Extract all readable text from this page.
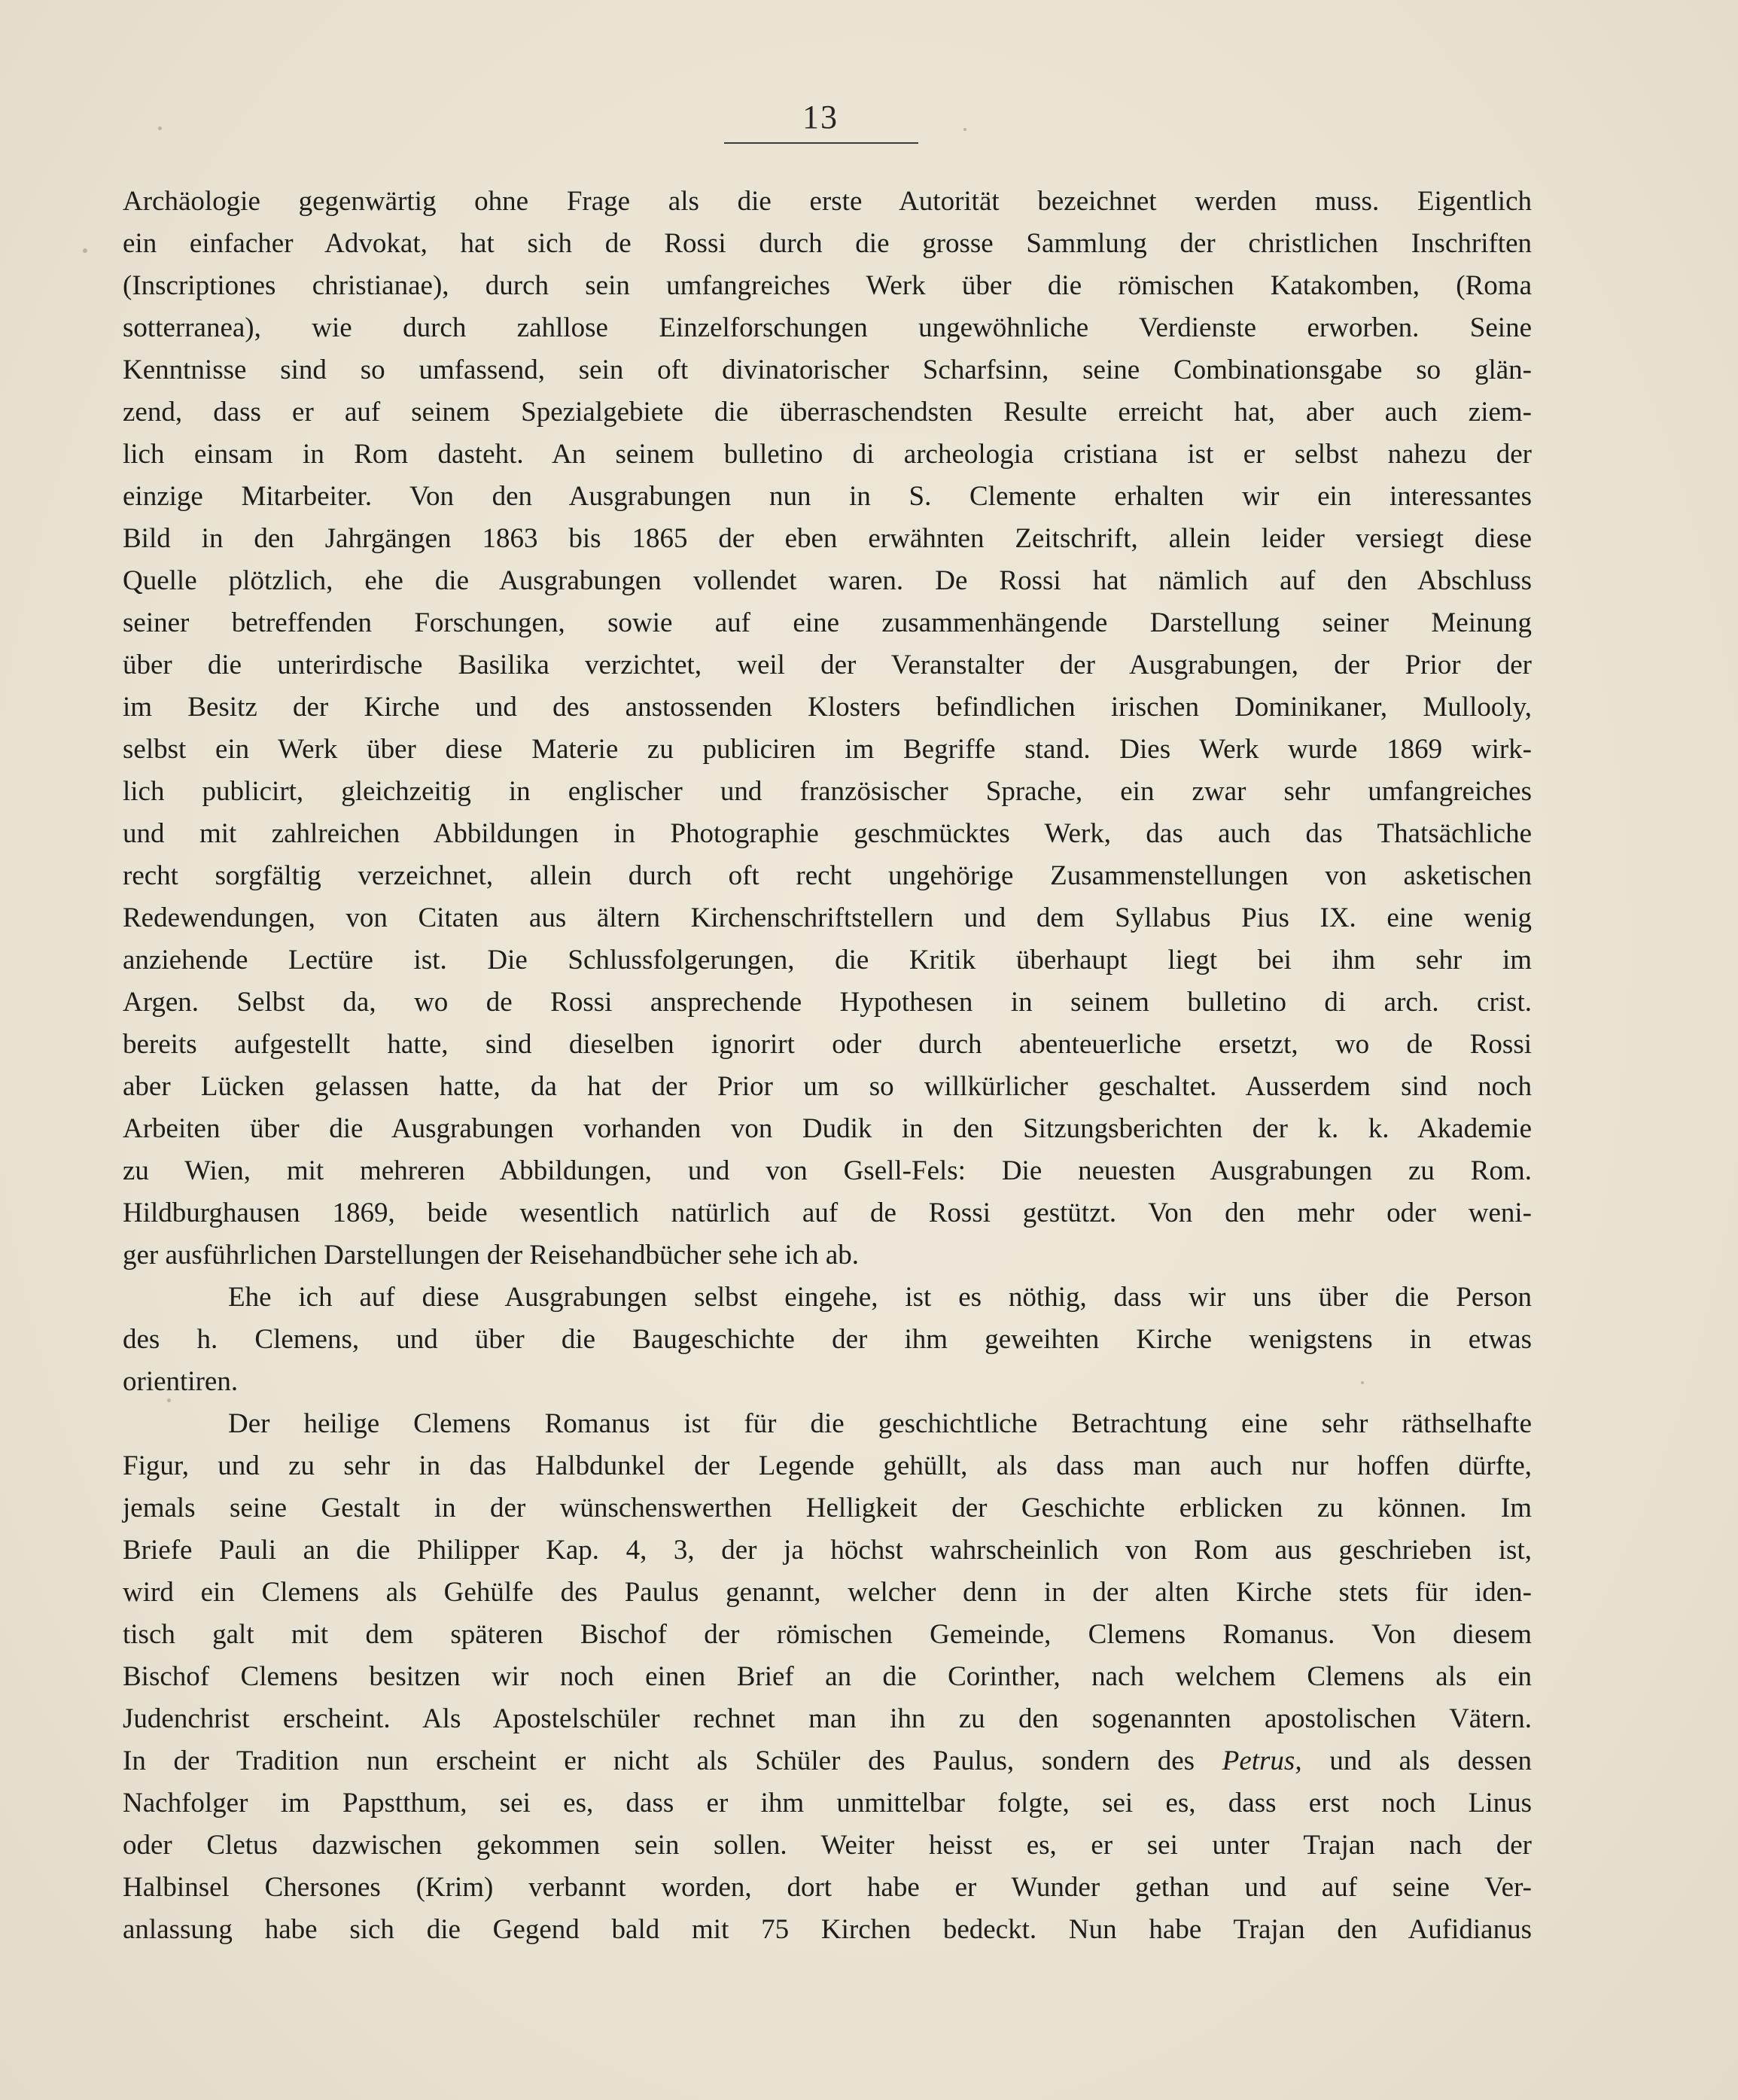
13
Archäologie gegenwärtig ohne Frage als die erste Autorität bezeichnet werden muss. Eigentlich
ein einfacher Advokat, hat sich de Rossi durch die grosse Sammlung der christlichen Inschriften
(Inscriptiones christianae), durch sein umfangreiches Werk über die römischen Katakomben, (Roma
sotterranea), wie durch zahllose Einzelforschungen ungewöhnliche Verdienste erworben. Seine
Kenntnisse sind so umfassend, sein oft divinatorischer Scharfsinn, seine Combinationsgabe so glän-
zend, dass er auf seinem Spezialgebiete die überraschendsten Resulte erreicht hat, aber auch ziem-
lich einsam in Rom dasteht. An seinem bulletino di archeologia cristiana ist er selbst nahezu der
einzige Mitarbeiter. Von den Ausgrabungen nun in S. Clemente erhalten wir ein interessantes
Bild in den Jahrgängen 1863 bis 1865 der eben erwähnten Zeitschrift, allein leider versiegt diese
Quelle plötzlich, ehe die Ausgrabungen vollendet waren. De Rossi hat nämlich auf den Abschluss
seiner betreffenden Forschungen, sowie auf eine zusammenhängende Darstellung seiner Meinung
über die unterirdische Basilika verzichtet, weil der Veranstalter der Ausgrabungen, der Prior der
im Besitz der Kirche und des anstossenden Klosters befindlichen irischen Dominikaner, Mullooly,
selbst ein Werk über diese Materie zu publiciren im Begriffe stand. Dies Werk wurde 1869 wirk-
lich publicirt, gleichzeitig in englischer und französischer Sprache, ein zwar sehr umfangreiches
und mit zahlreichen Abbildungen in Photographie geschmücktes Werk, das auch das Thatsächliche
recht sorgfältig verzeichnet, allein durch oft recht ungehörige Zusammenstellungen von asketischen
Redewendungen, von Citaten aus ältern Kirchenschriftstellern und dem Syllabus Pius IX. eine wenig
anziehende Lectüre ist. Die Schlussfolgerungen, die Kritik überhaupt liegt bei ihm sehr im
Argen. Selbst da, wo de Rossi ansprechende Hypothesen in seinem bulletino di arch. crist.
bereits aufgestellt hatte, sind dieselben ignorirt oder durch abenteuerliche ersetzt, wo de Rossi
aber Lücken gelassen hatte, da hat der Prior um so willkürlicher geschaltet. Ausserdem sind noch
Arbeiten über die Ausgrabungen vorhanden von Dudik in den Sitzungsberichten der k. k. Akademie
zu Wien, mit mehreren Abbildungen, und von Gsell-Fels: Die neuesten Ausgrabungen zu Rom.
Hildburghausen 1869, beide wesentlich natürlich auf de Rossi gestützt. Von den mehr oder weni-
ger ausführlichen Darstellungen der Reisehandbücher sehe ich ab.
Ehe ich auf diese Ausgrabungen selbst eingehe, ist es nöthig, dass wir uns über die Person
des h. Clemens, und über die Baugeschichte der ihm geweihten Kirche wenigstens in etwas
orientiren.
Der heilige Clemens Romanus ist für die geschichtliche Betrachtung eine sehr räthselhafte
Figur, und zu sehr in das Halbdunkel der Legende gehüllt, als dass man auch nur hoffen dürfte,
jemals seine Gestalt in der wünschenswerthen Helligkeit der Geschichte erblicken zu können. Im
Briefe Pauli an die Philipper Kap. 4, 3, der ja höchst wahrscheinlich von Rom aus geschrieben ist,
wird ein Clemens als Gehülfe des Paulus genannt, welcher denn in der alten Kirche stets für iden-
tisch galt mit dem späteren Bischof der römischen Gemeinde, Clemens Romanus. Von diesem
Bischof Clemens besitzen wir noch einen Brief an die Corinther, nach welchem Clemens als ein
Judenchrist erscheint. Als Apostelschüler rechnet man ihn zu den sogenannten apostolischen Vätern.
In der Tradition nun erscheint er nicht als Schüler des Paulus, sondern des Petrus, und als dessen
Nachfolger im Papstthum, sei es, dass er ihm unmittelbar folgte, sei es, dass erst noch Linus
oder Cletus dazwischen gekommen sein sollen. Weiter heisst es, er sei unter Trajan nach der
Halbinsel Chersones (Krim) verbannt worden, dort habe er Wunder gethan und auf seine Ver-
anlassung habe sich die Gegend bald mit 75 Kirchen bedeckt. Nun habe Trajan den Aufidianus
